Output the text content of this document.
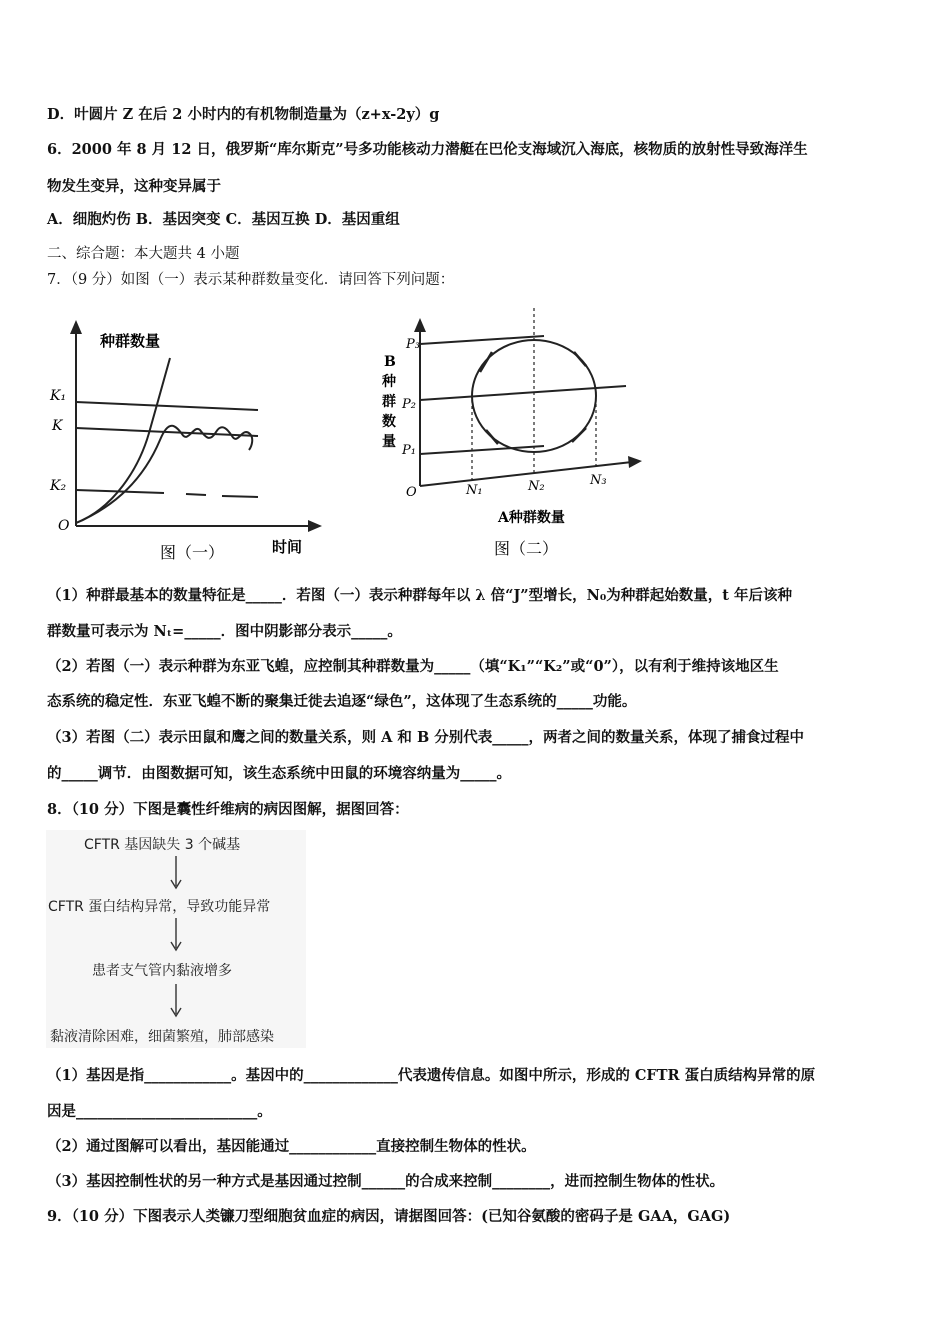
D．叶圆片 Z 在后 2 小时内的有机物制造量为（z+x-2y）g
6．2000 年 8 月 12 日，俄罗斯“库尔斯克”号多功能核动力潜艇在巴伦支海域沉入海底，核物质的放射性导致海洋生
物发生变异，这种变异属于
A．细胞灼伤 B．基因突变 C．基因互换 D．基因重组
二、综合题：本大题共 4 小题
7．（9 分）如图（一）表示某种群数量变化．请回答下列问题：
种群数量
时间
图（一）
O
K₁
K
K₂
P₃
P₂
P₁
B
种
群
数
量
O	N₁	N₂	N₃
A种群数量
图（二）
（1）种群最基本的数量特征是_____．若图（一）表示种群每年以 λ 倍“J”型增长，N₀为种群起始数量，t 年后该种
群数量可表示为 Nₜ=_____．图中阴影部分表示_____。
（2）若图（一）表示种群为东亚飞蝗，应控制其种群数量为_____（填“K₁”“K₂”或“0”），以有利于维持该地区生
态系统的稳定性．东亚飞蝗不断的聚集迁徙去追逐“绿色”，这体现了生态系统的_____功能。
（3）若图（二）表示田鼠和鹰之间的数量关系，则 A 和 B 分别代表_____，两者之间的数量关系，体现了捕食过程中
的_____调节．由图数据可知，该生态系统中田鼠的环境容纳量为_____。
8．（10 分）下图是囊性纤维病的病因图解，据图回答：
CFTR 基因缺失 3 个碱基
CFTR 蛋白结构异常，导致功能异常
患者支气管内黏液增多
黏液清除困难，细菌繁殖，肺部感染
（1）基因是指____________。基因中的_____________代表遗传信息。如图中所示，形成的 CFTR 蛋白质结构异常的原
因是_________________________。
（2）通过图解可以看出，基因能通过____________直接控制生物体的性状。
（3）基因控制性状的另一种方式是基因通过控制______的合成来控制________，进而控制生物体的性状。
9．（10 分）下图表示人类镰刀型细胞贫血症的病因，请据图回答：(已知谷氨酸的密码子是 GAA，GAG)
